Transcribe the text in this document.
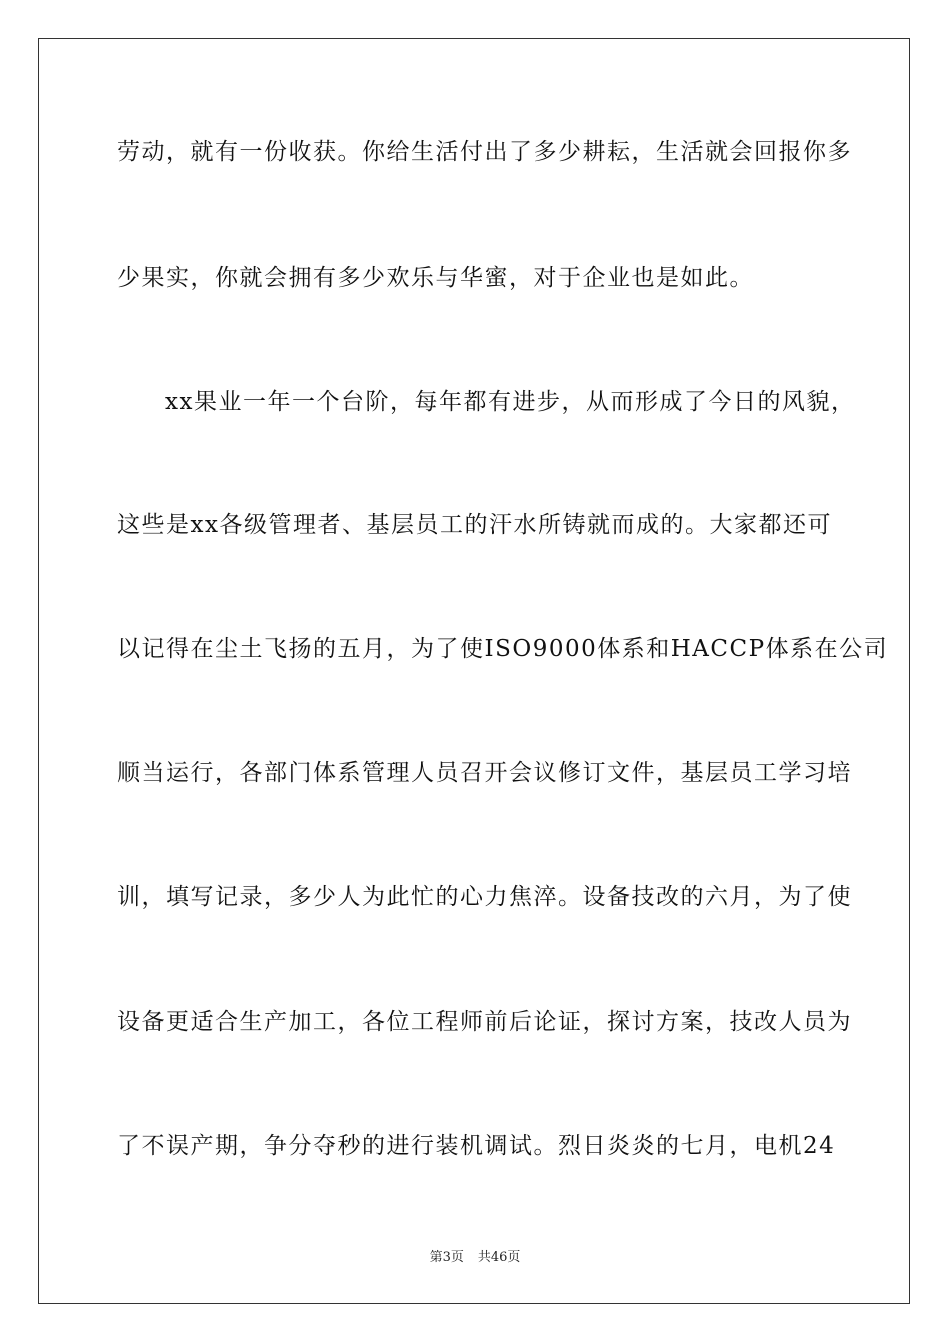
劳动，就有一份收获。你给生活付出了多少耕耘，生活就会回报你多
少果实，你就会拥有多少欢乐与华蜜，对于企业也是如此。
xx果业一年一个台阶，每年都有进步，从而形成了今日的风貌，
这些是xx各级管理者、基层员工的汗水所铸就而成的。大家都还可
以记得在尘土飞扬的五月，为了使ISO9000体系和HACCP体系在公司
顺当运行，各部门体系管理人员召开会议修订文件，基层员工学习培
训，填写记录，多少人为此忙的心力焦淬。设备技改的六月，为了使
设备更适合生产加工，各位工程师前后论证，探讨方案，技改人员为
了不误产期，争分夺秒的进行装机调试。烈日炎炎的七月，电机24
第3页 共46页
